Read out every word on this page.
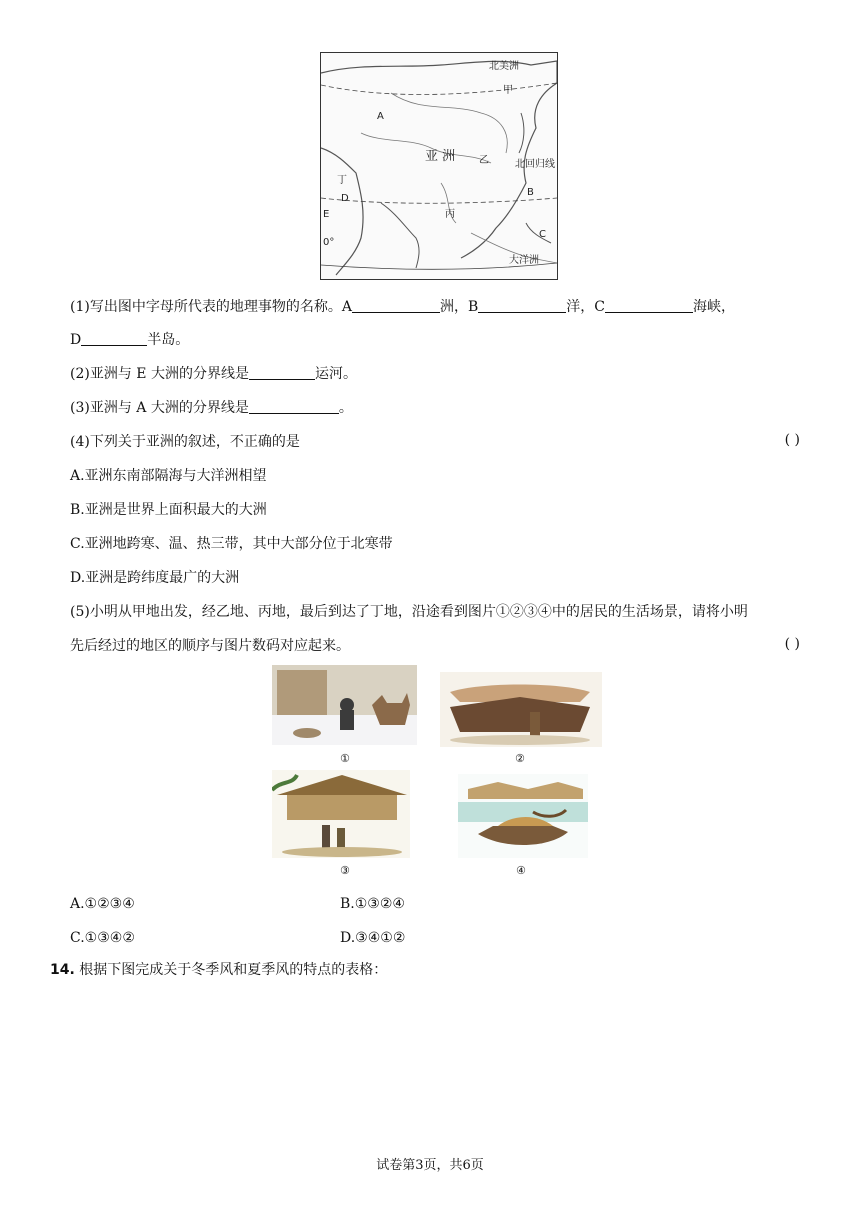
北美洲
甲
A
亚 洲 乙	北回归线
丁
D
B
E	丙
C
0°
大洋洲
(1)写出图中字母所代表的地理事物的名称。A	洲，B	洋，C	海峡，
D	半岛。
(2)亚洲与 E 大洲的分界线是	运河。
(3)亚洲与 A 大洲的分界线是	。
(4)下列关于亚洲的叙述，不正确的是	( )
A.亚洲东南部隔海与大洋洲相望
B.亚洲是世界上面积最大的大洲
C.亚洲地跨寒、温、热三带，其中大部分位于北寒带
D.亚洲是跨纬度最广的大洲
(5)小明从甲地出发，经乙地、丙地，最后到达了丁地，沿途看到图片①②③④中的居民的生活场景，请将小明
先后经过的地区的顺序与图片数码对应起来。	( )
①	②
③	④
A.①②③④	B.①③②④
C.①③④②	D.③④①②
14. 根据下图完成关于冬季风和夏季风的特点的表格：
试卷第3页，共6页
